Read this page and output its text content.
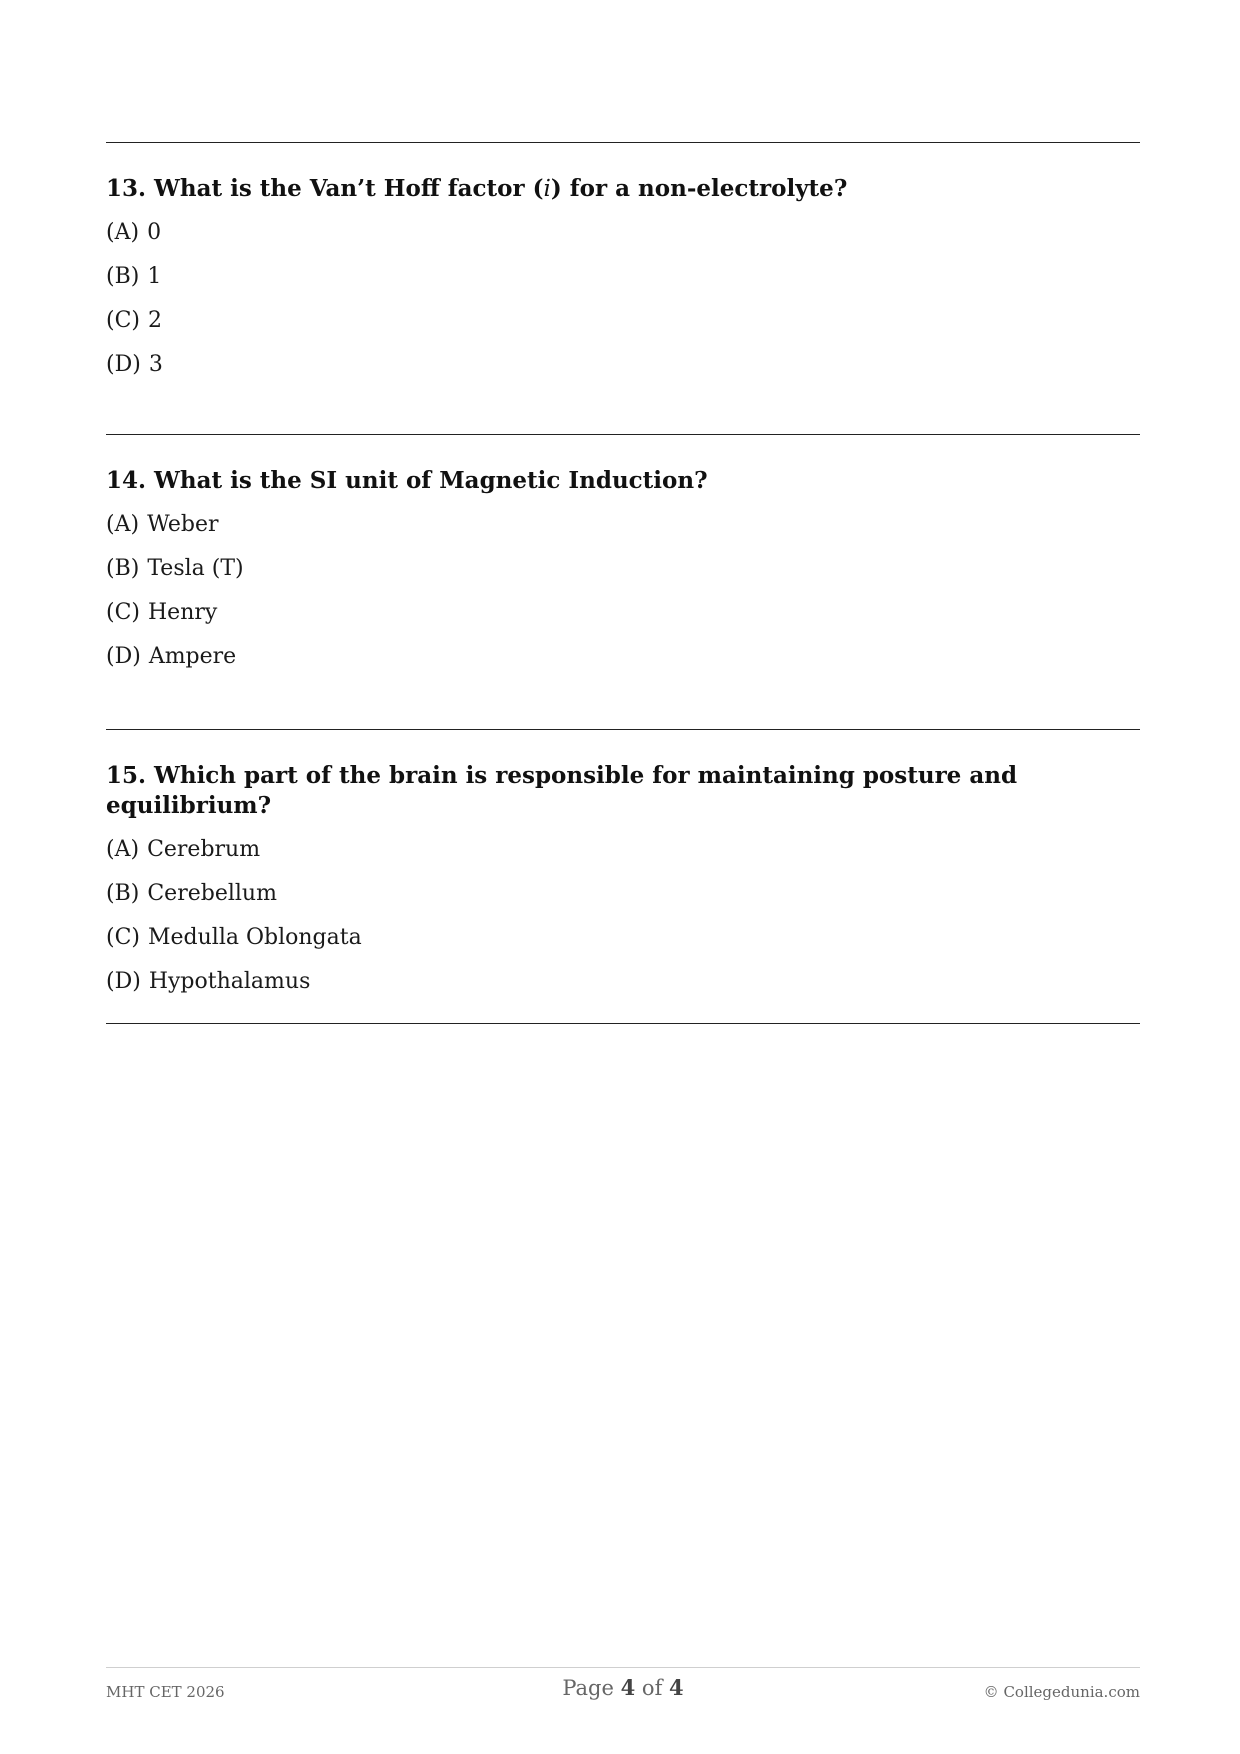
13. What is the Van’t Hoff factor (i) for a non-electrolyte?
(A) 0
(B) 1
(C) 2
(D) 3
14. What is the SI unit of Magnetic Induction?
(A) Weber
(B) Tesla (T)
(C) Henry
(D) Ampere
15. Which part of the brain is responsible for maintaining posture and equilibrium?
(A) Cerebrum
(B) Cerebellum
(C) Medulla Oblongata
(D) Hypothalamus
MHT CET 2026	Page 4 of 4	© Collegedunia.com
